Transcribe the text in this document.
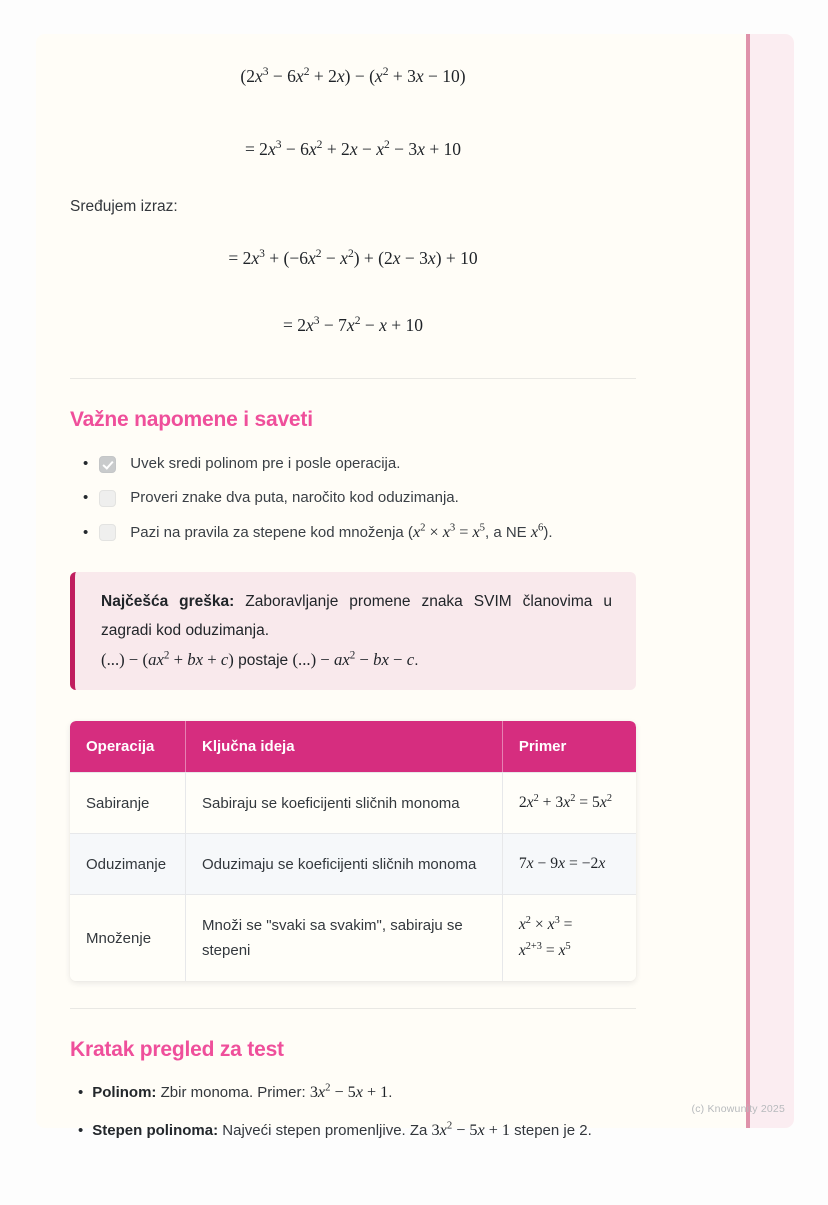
$(2x^3 - 6x^2 + 2x) - (x^2 + 3x - 10)$
= $2x^3 - 6x^2 + 2x - x^2 - 3x + 10$

Sređujem izraz:

= $2x^3 + (-6x^2 - x^2) + (2x - 3x) + 10$
= $2x^3 - 7x^2 - x + 10$
Važne napomene i saveti
•	Uvek sredi polinom pre i posle operacija.
•	Proveri znake dva puta, naročito kod oduzimanja.
•	Pazi na pravila za stepene kod množenja ($x^2 \times x^3 = x^5$, a NE $x^6$).
Najčešća greška: Zaboravljanje promene znaka SVIM članovima u zagradi kod oduzimanja.
(...) − ($ax^2$ + bx + c) postaje (...) − $ax^2$ − bx − c.
Operacija	Ključna ideja	Primer
Sabiranje	Sabiraju se koeficijenti sličnih monoma	$2x^2 + 3x^2 = 5x^2$
Oduzimanje	Oduzimaju se koeficijenti sličnih monoma	7x − 9x = −2x
Množenje	Množi se "svaki sa svakim", sabiraju se stepeni	$x^2 \times x^3$ =
$x^{2+3} = x^5$
Kratak pregled za test
• Polinom: Zbir monoma. Primer: $3x^2 - 5x + 1$.
• Stepen polinoma: Najveći stepen promenljive. Za $3x^2 - 5x + 1$ stepen je 2.
(c) Knowunity 2025
